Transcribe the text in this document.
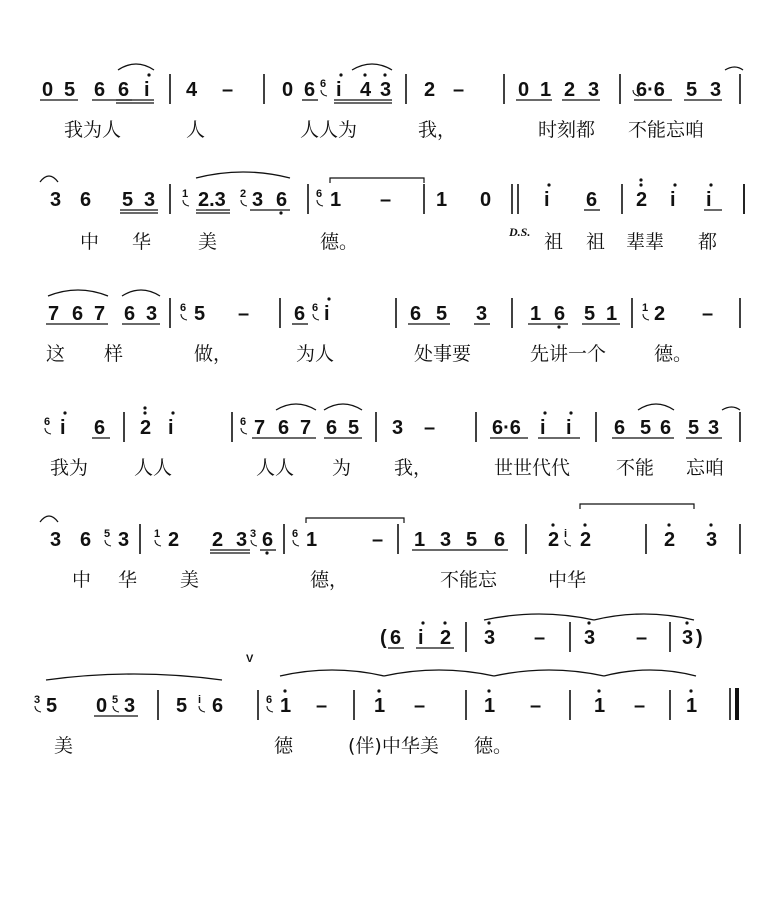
0 5 6 6 i 4 – 0 6 i 4 3 2 –	0 1 2 3 6·6 5 3
6
3 6 5 3 2.3 3 6 1 – 1 0	i 6 2 i i
1	2	6
7 6 7 6 3 5 – 6 i	6 5 3 1 6 5 1 2 –
6	6	1
i 6 2 i	7 6 7 6 5 3 –	6·6 i i 6 5 6 5 3
6	6
3 6 3 2 2 3 6 1	– 1 3 5 6 2 2	2 3
5	1	3	6	i
( 6 i 2 3 – 3 – 3 )
5 0 3 5 6	1 – 1 –	1 –	1 – 1
3	5	i	6
我为人	人	人人为	我，	时刻都 不能忘咱
中 华 美	德。	祖 祖 辈辈 都
这 样	做，	为人	处事要	先讲一个	德。
我为 人人	人人 为 我，	世世代代 不能 忘咱
中 华 美	德，	不能忘	中华
美	德	(伴)中华美 德。
D.S.
V
